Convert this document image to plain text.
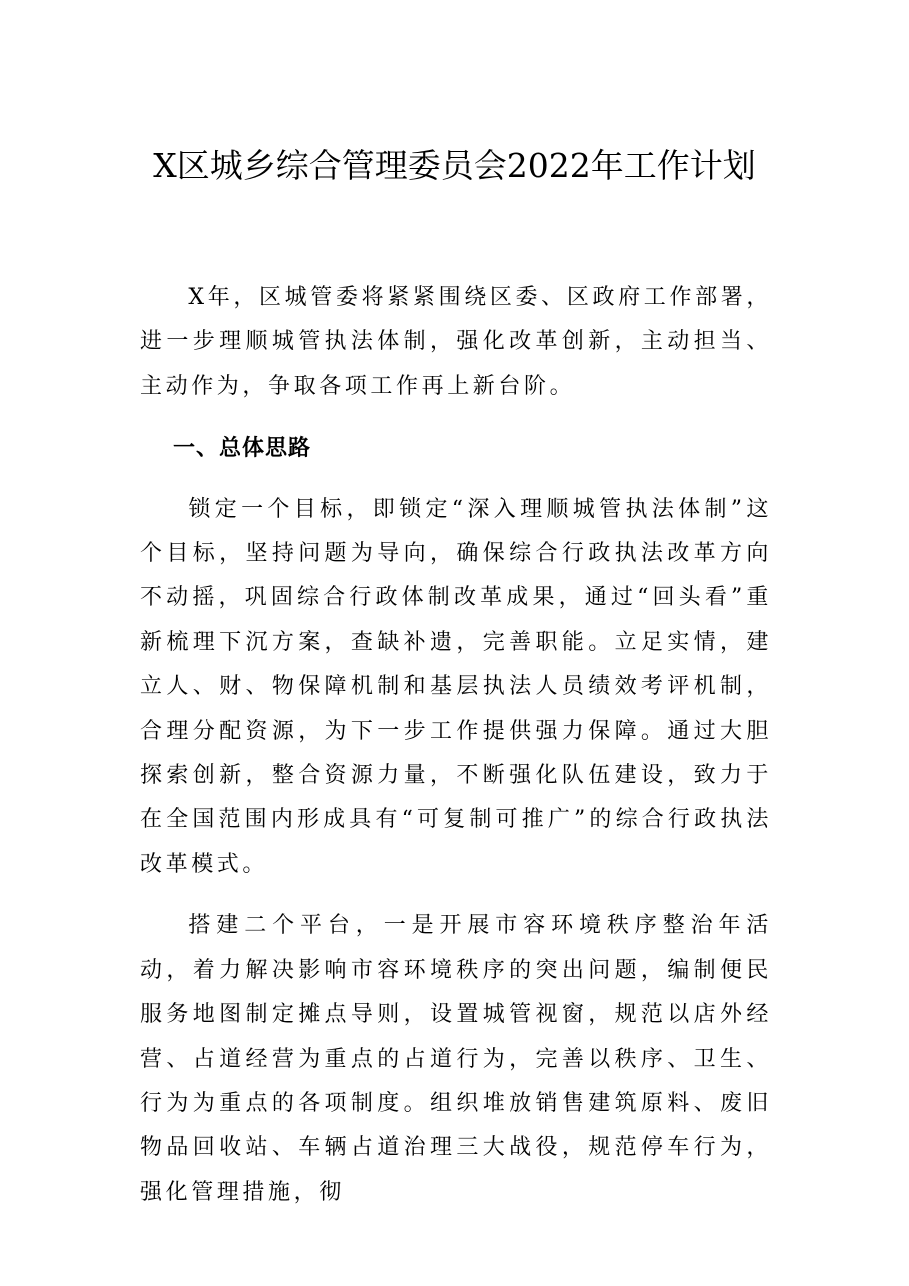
X区城乡综合管理委员会2022年工作计划

X年，区城管委将紧紧围绕区委、区政府工作部署，进一步理顺城管执法体制，强化改革创新，主动担当、主动作为，争取各项工作再上新台阶。

一、总体思路

锁定一个目标，即锁定“深入理顺城管执法体制”这个目标，坚持问题为导向，确保综合行政执法改革方向不动摇，巩固综合行政体制改革成果，通过“回头看”重新梳理下沉方案，查缺补遗，完善职能。立足实情，建立人、财、物保障机制和基层执法人员绩效考评机制，合理分配资源，为下一步工作提供强力保障。通过大胆探索创新，整合资源力量，不断强化队伍建设，致力于在全国范围内形成具有“可复制可推广”的综合行政执法改革模式。

搭建二个平台，一是开展市容环境秩序整治年活动，着力解决影响市容环境秩序的突出问题，编制便民服务地图制定摊点导则，设置城管视窗，规范以店外经营、占道经营为重点的占道行为，完善以秩序、卫生、行为为重点的各项制度。组织堆放销售建筑原料、废旧物品回收站、车辆占道治理三大战役，规范停车行为，强化管理措施，彻
